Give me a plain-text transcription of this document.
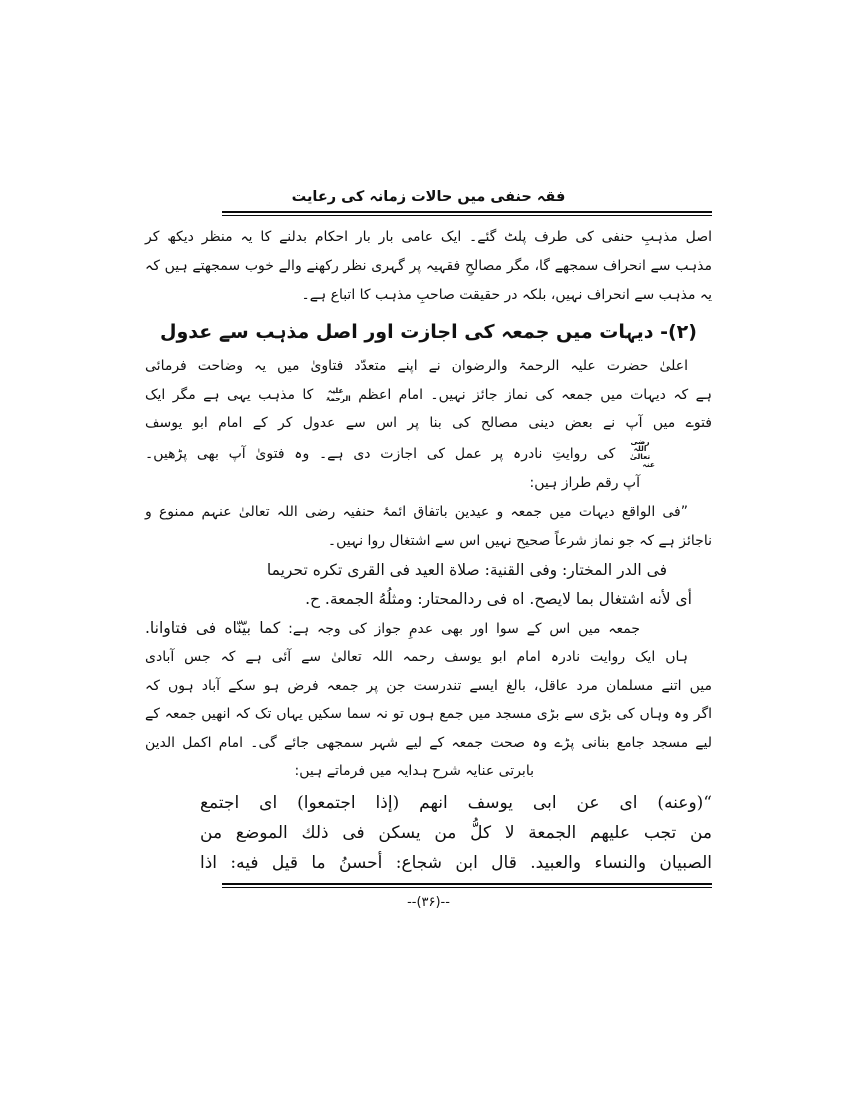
فقہ حنفی میں حالات زمانہ کی رعایت
اصل مذہبِ حنفی کی طرف پلٹ گئے۔ ایک عامی بار بار احکام بدلنے کا یہ منظر دیکھ کر
مذہب سے انحراف سمجھے گا، مگر مصالحِ فقہیہ پر گہری نظر رکھنے والے خوب سمجھتے ہیں کہ
یہ مذہب سے انحراف نہیں، بلکہ در حقیقت صاحبِ مذہب کا اتباع ہے۔
(۲)- دیہات میں جمعہ کی اجازت اور اصل مذہب سے عدول
اعلیٰ حضرت علیہ الرحمۃ والرضوان نے اپنے متعدّد فتاویٰ میں یہ وضاحت فرمائی
ہے کہ دیہات میں جمعہ کی نماز جائز نہیں۔ امام اعظم علیہ الرحمۃ کا مذہب یہی ہے مگر ایک
فتوے میں آپ نے بعض دینی مصالح کی بنا پر اس سے عدول کر کے امام ابو یوسف
رضی اللہ تعالیٰ عنہ کی روایتِ نادرہ پر عمل کی اجازت دی ہے۔ وہ فتویٰ آپ بھی پڑھیں۔
آپ رقم طراز ہیں:
”فی الواقع دیہات میں جمعہ و عیدین باتفاق ائمۂ حنفیہ رضی اللہ تعالیٰ عنہم ممنوع و
ناجائز ہے کہ جو نماز شرعاً صحیح نہیں اس سے اشتغال روا نہیں۔
فى الدر المختار: وفى القنية: صلاة العيد فى القرى تكره تحريما
أى لأنه اشتغال بما لايصح. اه فى ردالمحتار: ومثلُهُ الجمعة. ح.
جمعہ میں اس کے سوا اور بھی عدمِ جواز کی وجہ ہے: كما بيّنّاه فى فتاوانا.
ہاں ایک روایت نادرہ امام ابو یوسف رحمہ اللہ تعالیٰ سے آئی ہے کہ جس آبادی
میں اتنے مسلمان مرد عاقل، بالغ ایسے تندرست جن پر جمعہ فرض ہو سکے آباد ہوں کہ
اگر وہ وہاں کی بڑی سے بڑی مسجد میں جمع ہوں تو نہ سما سکیں یہاں تک کہ انھیں جمعہ کے
لیے مسجد جامع بنانی پڑے وہ صحت جمعہ کے لیے شہر سمجھی جائے گی۔ امام اکمل الدین
بابرتی عنایہ شرح ہدایہ میں فرماتے ہیں:
“(وعنه) اى عن ابى يوسف انهم (إذا اجتمعوا) اى اجتمع
من تجب عليهم الجمعة لا كلُّ من يسكن فى ذلك الموضع من
الصبيان والنساء والعبيد. قال ابن شجاع: أحسنُ ما قيل فيه: اذا
--(۳۶)--
